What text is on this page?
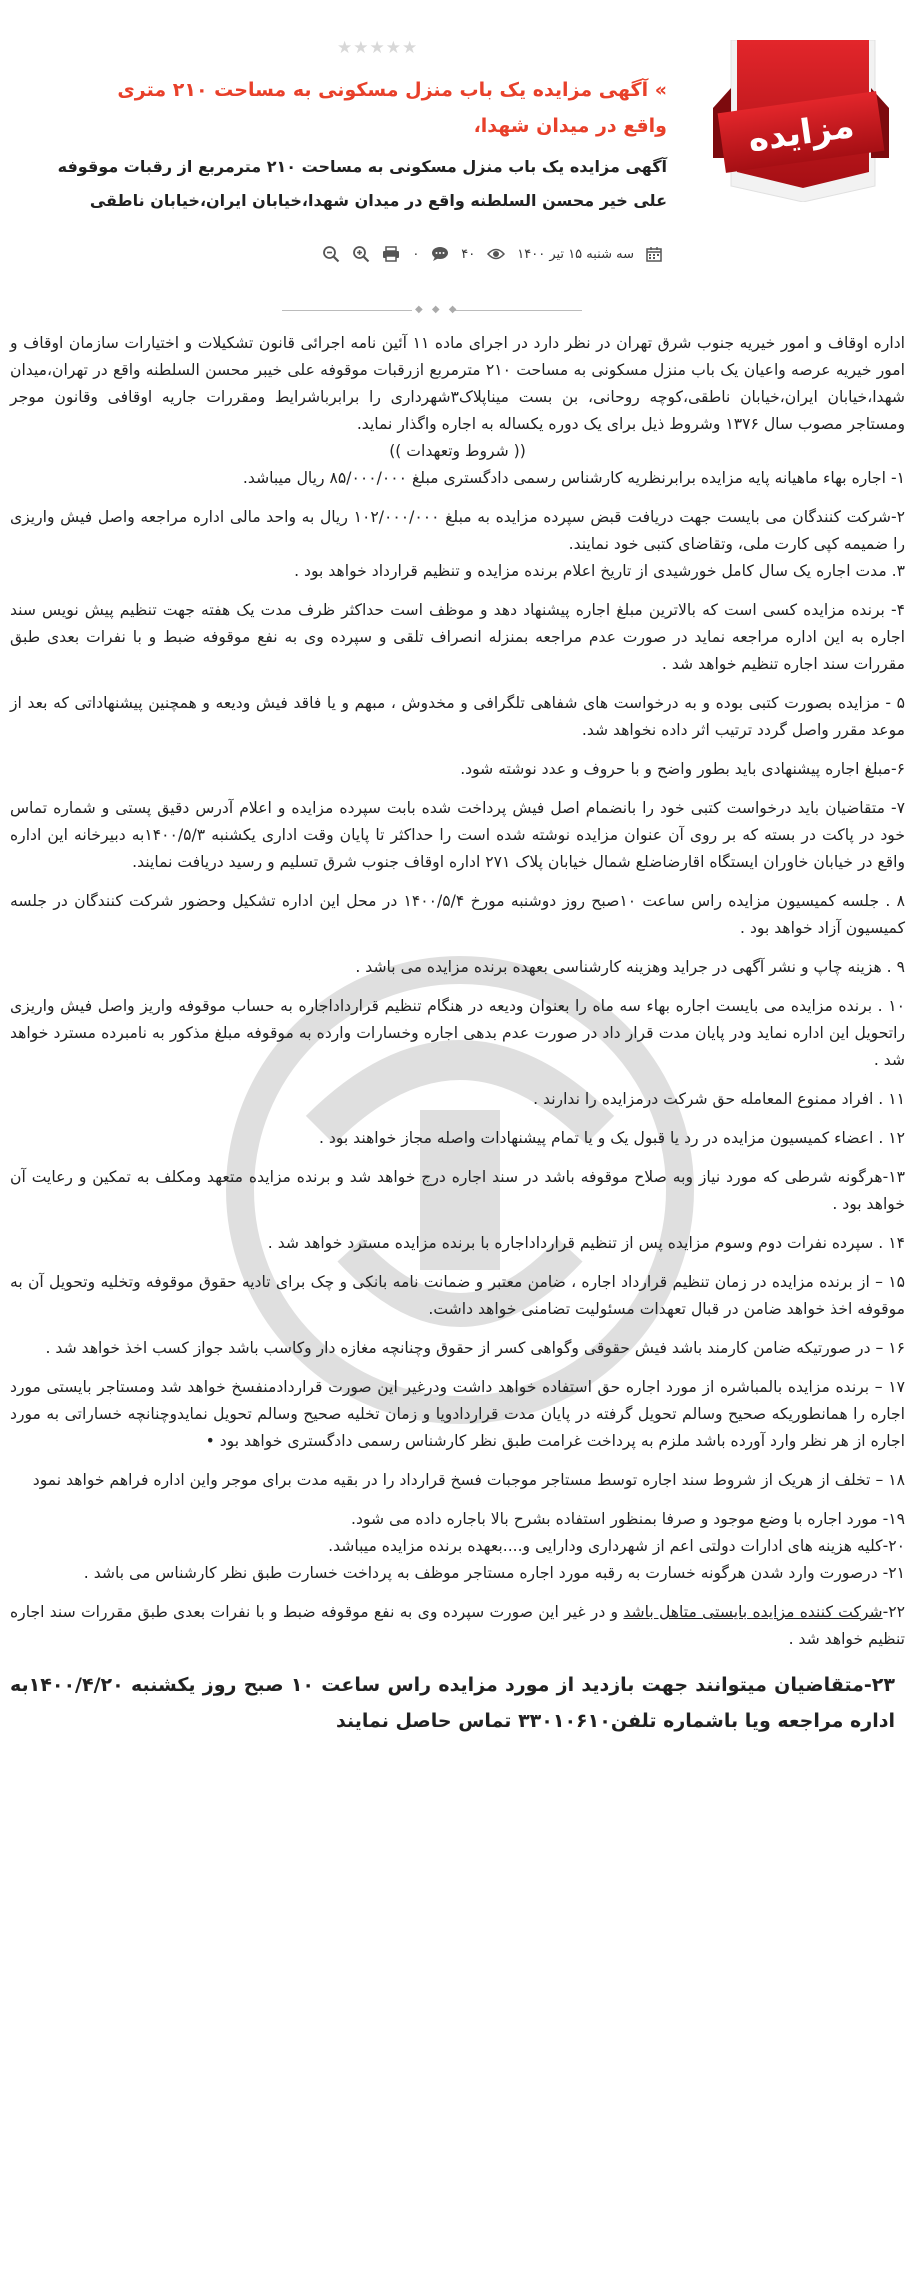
مزایده
★★★★★
» آگهی مزایده یک باب منزل مسکونی به مساحت ۲۱۰ متری واقع در میدان شهدا،

آگهی مزایده یک باب منزل مسکونی به مساحت ۲۱۰ مترمربع از رقبات موقوفه علی خیر محسن السلطنه واقع در میدان شهدا،خیابان ایران،خیابان ناطقی

سه شنبه ۱۵ تیر ۱۴۰۰
۴۰
۰
◆ ◆ ◆

اداره اوقاف و امور خیریه جنوب شرق تهران در نظر دارد در اجرای ماده ۱۱ آئین نامه اجرائی قانون تشکیلات و اختیارات سازمان اوقاف و امور خیریه عرصه واعیان یک باب منزل مسکونی به مساحت ۲۱۰ مترمربع ازرقبات موقوفه علی خیبر محسن السلطنه واقع در تهران،میدان شهدا،خیابان ایران،خیابان ناطقی،کوچه روحانی، بن بست میناپلاک۳شهرداری را برابرباشرایط ومقررات جاریه اوقافی وقانون موجر ومستاجر مصوب سال ۱۳۷۶ وشروط ذیل برای یک دوره یکساله به اجاره واگذار نماید.

(( شروط وتعهدات ))

۱- اجاره بهاء ماهیانه پایه مزایده برابرنظریه کارشناس رسمی دادگستری مبلغ ۸۵/۰۰۰/۰۰۰ ریال میباشد.

۲-شرکت کنندگان می بایست جهت دریافت قبض سپرده مزایده به مبلغ ۱۰۲/۰۰۰/۰۰۰ ریال به واحد مالی اداره مراجعه واصل فیش واریزی را ضمیمه کپی کارت ملی، وتقاضای کتبی خود نمایند.

۳. مدت اجاره یک سال کامل خورشیدی از تاریخ اعلام برنده مزایده و تنظیم قرارداد خواهد بود .

۴- برنده مزایده کسی است که بالاترین مبلغ اجاره پیشنهاد دهد و موظف است حداکثر ظرف مدت یک هفته جهت تنظیم پیش نویس سند اجاره به این اداره مراجعه نماید در صورت عدم مراجعه بمنزله انصراف تلقی و سپرده وی به نفع موقوفه ضبط و با نفرات بعدی طبق مقررات سند اجاره تنظیم خواهد شد .

۵ - مزایده بصورت کتبی بوده و به درخواست های شفاهی تلگرافی و مخدوش ، مبهم و یا فاقد فیش ودیعه و همچنین پیشنهاداتی که بعد از موعد مقرر واصل گردد ترتیب اثر داده نخواهد شد.

۶-مبلغ اجاره پیشنهادی باید بطور واضح و با حروف و عدد نوشته شود.

۷- متقاضیان باید درخواست کتبی خود را بانضمام اصل فیش پرداخت شده بابت سپرده مزایده و اعلام آدرس دقیق پستی و شماره تماس خود در پاکت در بسته که بر روی آن عنوان مزایده نوشته شده است را حداکثر تا پایان وقت اداری یکشنبه ۱۴۰۰/۵/۳به دبیرخانه این اداره واقع در خیابان خاوران ایستگاه اقارضاضلع شمال خیابان پلاک ۲۷۱ اداره اوقاف جنوب شرق تسلیم و رسید دریافت نمایند.

۸ . جلسه کمیسیون مزایده راس ساعت ۱۰صبح روز دوشنبه مورخ ۱۴۰۰/۵/۴ در محل این اداره تشکیل وحضور شرکت کنندگان در جلسه کمیسیون آزاد خواهد بود .

۹ . هزینه چاپ و نشر آگهی در جراید وهزینه کارشناسی بعهده برنده مزایده می باشد .

۱۰ . برنده مزایده می بایست اجاره بهاء سه ماه را بعنوان ودیعه در هنگام تنظیم قرارداداجاره به حساب موقوفه واریز واصل فیش واریزی راتحویل این اداره نماید ودر پایان مدت قرار داد در صورت عدم بدهی اجاره وخسارات وارده به موقوفه مبلغ مذکور به نامبرده مسترد خواهد شد .

۱۱ . افراد ممنوع المعامله حق شرکت درمزایده را ندارند .

۱۲ . اعضاء کمیسیون مزایده در رد یا قبول یک و یا تمام پیشنهادات واصله مجاز خواهند بود .

۱۳-هرگونه شرطی که مورد نیاز وبه صلاح موقوفه باشد در سند اجاره درج خواهد شد و برنده مزایده متعهد ومکلف به تمکین و رعایت آن خواهد بود .

۱۴ . سپرده نفرات دوم وسوم مزایده پس از تنظیم قرارداداجاره با برنده مزایده مسترد خواهد شد .

۱۵ – از برنده مزایده در زمان تنظیم قرارداد اجاره ، ضامن معتبر و ضمانت نامه بانکی و چک برای تادیه حقوق موقوفه وتخلیه وتحویل آن به موقوفه اخذ خواهد ضامن در قبال تعهدات مسئولیت تضامنی خواهد داشت.

۱۶ – در صورتیکه ضامن کارمند باشد فیش حقوقی وگواهی کسر از حقوق وچنانچه مغازه دار وکاسب باشد جواز کسب اخذ خواهد شد .

۱۷ – برنده مزایده بالمباشره از مورد اجاره حق استفاده خواهد داشت ودرغیر این صورت قراردادمنفسخ خواهد شد ومستاجر بایستی مورد اجاره را همانطوریکه صحیح وسالم تحویل گرفته در پایان مدت قراردادویا و زمان تخلیه صحیح وسالم تحویل نمایدوچنانچه خساراتی به مورد اجاره از هر نظر وارد آورده باشد ملزم به پرداخت غرامت طبق نظر کارشناس رسمی دادگستری خواهد بود •

۱۸ – تخلف از هریک از شروط سند اجاره توسط مستاجر موجبات فسخ قرارداد را در بقیه مدت برای موجر واین اداره فراهم خواهد نمود

۱۹- مورد اجاره با وضع موجود و صرفا بمنظور استفاده بشرح بالا باجاره داده می شود.

۲۰-کلیه هزینه های ادارات دولتی اعم از شهرداری ودارایی و....بعهده برنده مزایده میباشد.

۲۱- درصورت وارد شدن هرگونه خسارت به رقبه مورد اجاره مستاجر موظف به پرداخت خسارت طبق نظر کارشناس می باشد .

۲۲-شرکت کننده مزایده بایستی متاهل باشد و در غیر این صورت سپرده وی به نفع موقوفه ضبط و با نفرات بعدی طبق مقررات سند اجاره تنظیم خواهد شد .

۲۳-متقاضیان میتوانند جهت بازدید از مورد مزایده راس ساعت ۱۰ صبح روز یکشنبه ۱۴۰۰/۴/۲۰به اداره مراجعه ویا باشماره تلفن۳۳۰۱۰۶۱۰ تماس حاصل نمایند
